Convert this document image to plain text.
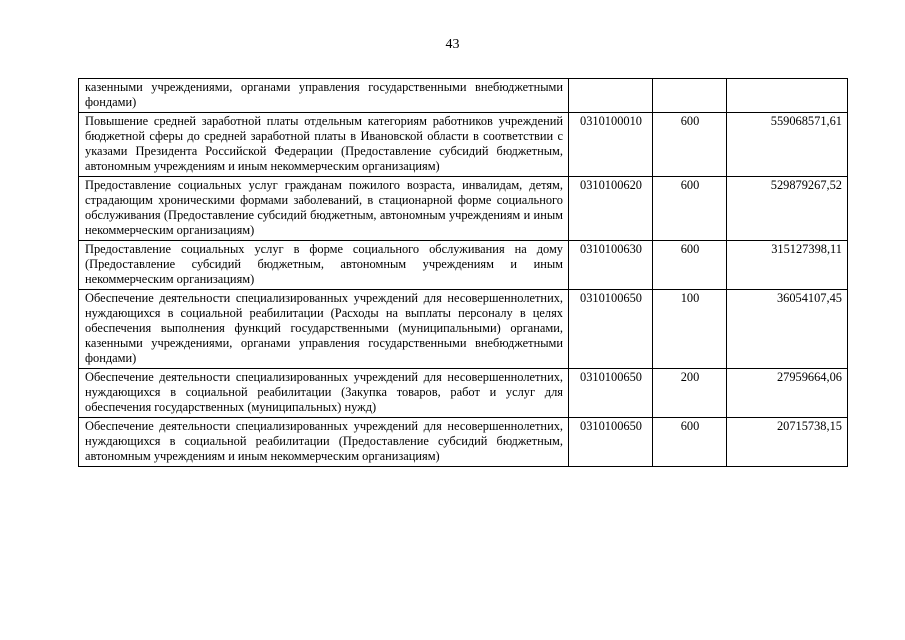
43
казенными учреждениями, органами управления государственными внебюджетными фондами)			
Повышение средней заработной платы отдельным категориям работников учреждений бюджетной сферы до средней заработной платы в Ивановской области в соответствии с указами Президента Российской Федерации (Предоставление субсидий бюджетным, автономным учреждениям и иным некоммерческим организациям)	0310100010	600	559068571,61
Предоставление социальных услуг гражданам пожилого возраста, инвалидам, детям, страдающим хроническими формами заболеваний, в стационарной форме социального обслуживания (Предоставление субсидий бюджетным, автономным учреждениям и иным некоммерческим организациям)	0310100620	600	529879267,52
Предоставление социальных услуг в форме социального обслуживания на дому (Предоставление субсидий бюджетным, автономным учреждениям и иным некоммерческим организациям)	0310100630	600	315127398,11
Обеспечение деятельности специализированных учреждений для несовершеннолетних, нуждающихся в социальной реабилитации (Расходы на выплаты персоналу в целях обеспечения выполнения функций государственными (муниципальными) органами, казенными учреждениями, органами управления государственными внебюджетными фондами)	0310100650	100	36054107,45
Обеспечение деятельности специализированных учреждений для несовершеннолетних, нуждающихся в социальной реабилитации (Закупка товаров, работ и услуг для обеспечения государственных (муниципальных) нужд)	0310100650	200	27959664,06
Обеспечение деятельности специализированных учреждений для несовершеннолетних, нуждающихся в социальной реабилитации (Предоставление субсидий бюджетным, автономным учреждениям и иным некоммерческим организациям)	0310100650	600	20715738,15
